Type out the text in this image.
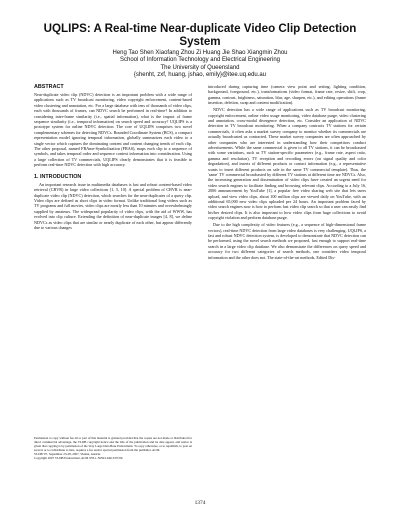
UQLIPS: A Real-time Near-duplicate Video Clip Detection System
Heng Tao Shen Xiaofang Zhou Zi Huang Jie Shao Xiangmin Zhou
School of Information Technology and Electrical Engineering
The University of Queensland
{shenht, zxf, huang, jshao, emily}@itee.uq.edu.au
ABSTRACT

Near-duplicate video clip (NDVC) detection is an important problem with a wide range of applications such as TV broadcast monitoring, video copyright enforcement, content-based video clustering and annotation, etc. For a large database with tens of thousands of video clips, each with thousands of frames, can NDVC search be performed in real-time? In addition to considering inter-frame similarity (i.e., spatial information), what is the impact of frame sequence similarity (i.e., temporal information) on search speed and accuracy? UQLIPS is a prototype system for online NDVC detection. The core of UQLIPS comprises two novel complementary schemes for detecting NDVCs. Bounded Coordinate System (BCS), a compact representation model ignoring temporal information, globally summarizes each video to a single vector which captures the dominating content and content changing trends of each clip. The other proposal, named FRAme-Symbolization (FRAS), maps each clip to a sequence of symbols, and takes temporal order and sequence context information into consideration. Using a large collection of TV commercials, UQLIPS clearly demonstrates that it is feasible to perform real-time NDVC detection with high accuracy.

1. INTRODUCTION

An important research issue in multimedia databases is fast and robust content-based video retrieval (CBVR) in large video collections [1, 5, 10]. A special problem of CBVR is near-duplicate video clip (NDVC) detection, which searches for the near-duplicates of a query clip. Video clips are defined as short clips in video format. Unlike traditional long videos such as TV programs and full movies, video clips are mostly less than 10 minutes and overwhelmingly supplied by amateurs. The widespread popularity of video clips, with the aid of WWW, has evolved into clip culture. Extending the definition of near-duplicate images [4, 8], we define NDVCs as video clips that are similar or nearly duplicate of each other, but appear differently due to various changes

introduced during capturing time (camera view point and setting, lighting condition, background, foreground, etc.), transformations (video format, frame rate, resize, shift, crop, gamma, contrast, brightness, saturation, blur, age, sharpen, etc.), and editing operations (frame insertion, deletion, swap and content modification).

NDVC detection has a wide range of applications such as TV broadcast monitoring, copyright enforcement, online video usage monitoring, video database purge, video clustering and annotation, cross-modal divergence detection, etc. Consider an application of NDVC detection in TV broadcast monitoring. When a company contracts TV stations for certain commercials, it often asks a market survey company to monitor whether its commercials are actually broadcasted as contracted. These market survey companies are often approached by other companies who are interested in understanding how their competitors conduct advertisements. While the same commercial is given to all TV stations, it can be broadcasted with some variations, such as TV station-specific parameters (e.g., frame rate, aspect ratio, gamma and resolution), TV reception and recording errors (on signal quality and color degradation), and inserts of different products or contact information (e.g., a representative wants to insert different products on sale in the same TV commercial template). Thus, the 'same' TV commercial broadcasted by different TV stations at different time are NDVCs. Also, the increasing generation and dissemination of video clips have created an urgent need for video search engines to facilitate finding and browsing relevant clips. According to a July 16, 2006 announcement by YouTube [1], a popular free video sharing web site that lets users upload, and view video clips, about 100 million clips are viewed daily on YouTube, with an additional 65,000 new video clips uploaded per 24 hours. An important problem faced by video search engines now is how to perform fast video clip search so that a user can easily find his/her desired clips. It is also important to how video clips from huge collections to avoid copyright violation and perform database purge.

Due to the high complexity of video features (e.g., a sequence of high-dimensional frame vectors), real-time NDVC detection from large video databases is very challenging. UQLIPS, a fast and robust NDVC detection system, is developed to demonstrate that NDVC detection can be performed, using the novel search methods we proposed, fast enough to support real-time search in a large video clip database. We also demonstrate the differences on query speed and accuracy for two different categories of search methods, one considers video temporal information and the other does not. The state-of-the-art methods, Edited Dis-

Permission to copy without fee all or part of this material is granted provided that the copies are not made or distributed for direct commercial advantage, the VLDB copyright notice and the title of the publication and its date appear, and notice is given that copying is by permission of the Very Large Data Base Endowment. To copy otherwise, or to republish, to post on servers or to redistribute to lists, requires a fee and/or special permission from the publisher, ACM.

VLDB '07, September 23-28, 2007, Vienna, Austria.

Copyright 2007 VLDB Endowment, ACM 978-1-59593-649-3/07/09.

1374
